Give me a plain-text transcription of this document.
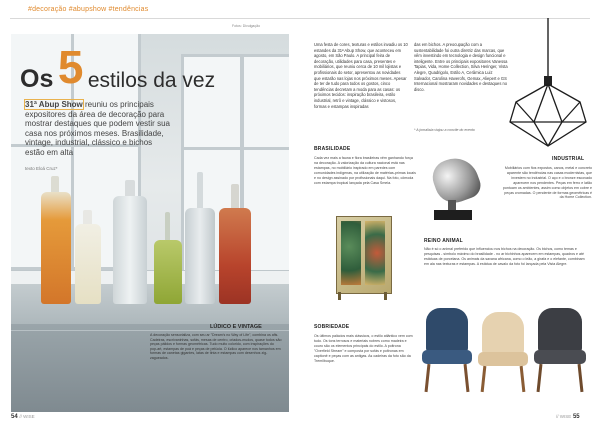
#decoração #abupshow #tendências
Fotos: Divulgação
Os 5 estilos da vez
31ª Abup Show reuniu os principais expositores da área de decoração para mostrar destaques que podem vestir sua casa nos próximos meses. Brasilidade, vintage, industrial, clássico e bichos estão em alta
texto Eloá Cruz*
LÚDICO E VINTAGE
A decoração sensorializa, com seu ar "Dream's no Way of Life", combina os afis. Cadeiras, escrivaninhas, sofás, mesas de centro, criados-mudos, quase todos são peças pálidos e formas geométricas. Tudo muito colorido, com inspirações do pop-art, estampas de poá e peças de pelúcia. O lúdico aparece nos tamanhos em formas de canetas gigantes, latas de tinta e estampas com desenhos zig-zagueados.
54 // WISE
Uma festa de cores, texturas e estilos invadiu os 10 estandes da 31ª Abup Show, que aconteceu em agosto, em São Paulo. A principal feira de decoração, utilidades para casa, presentes e mobiliários, que reuniu cerca de 10 mil lojistas e profissionais do setor, apresentou as novidades que estarão nas lojas nos próximos meses. Apesar de ter de tudo para todos os gostos, cinco tendências decretam a moda para as casas: os próximos tecidos: inspiração brasileira, estilo industrial, retrô e vintage, clássico e vistosos, formas e estampas inspiradas
das em bichos. A preocupação com a sustentabilidade foi outra diretriz das marcas, que vêm investindo em tecnologia e design funcional e inteligente. Entre os principais expositores Vanessa Tapias, Vida, Home Collection, Silva Heringer, Vista Alegre, Quadrigolo, Estilo A, Cerâmica Luiz Salvador, Carolina Haverofs, Gemax, Aliepert e GS Internacional mostraram novidades e destaques no disco.
* A jornalista viajou a convite do evento
BRASILIDADE
Cada vez mais a fauna e flora brasileiras vêm ganhando força na decoração. A valorização da cultura nacional está nas estampas, no mobiliário inspirado em paredes com comunidades indígenas, na utilização de matérias-primas locais e no design assinado por profissionais daqui. Na foto, cômoda com estampa tropical lançada pela Casa Smeia.
INDUSTRIAL
Mobiliários com fios expostos, canos, metal e concreto aparente são tendências nas casas modernistas, que investem no industrial. O aço e o bronze escovado aparecem nos pendentes. Peças em ferro e latão pontuam os ambientes, assim como objetos em cobre e peças cromadas. O pendente de formas geométricas é da Home Collection.
REINO ANIMAL
Não é só o animal preferido que influenciou nos bichos na decoração. Os bichos, como temas e pesquisas - símbolo máximo do brasilidade - no ar bichinhos aparecem em estampas, quadros e até estátuas de porcelana. Os animais da savana africana, como o leão, a girafa e o elefante, combinam em ala nas texturas e estampas. A estátua de cavalo da foto foi lançada pela Vista Alegre.
SOBRIEDADE
Os últimos palácios mais clássicos, o estilo atlântico vem com tudo. Os tons terrosos e materiais nobres como madeira e couro são os elementos principais do estilo. A poltrona "Overfield Stream" e composta por sofás e poltronas em capitonê e peças com as antigas. As cadeiras da foto são da Tremilbuque.
// WISE 55
